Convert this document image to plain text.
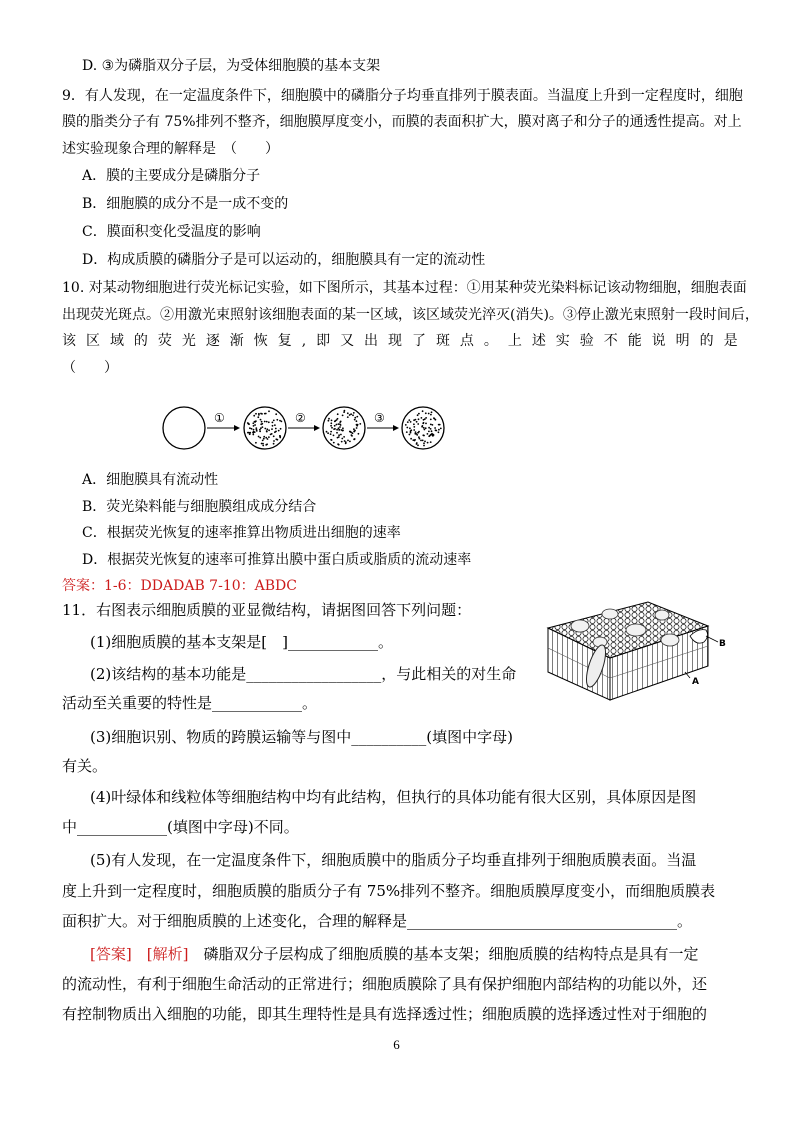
D. ③为磷脂双分子层，为受体细胞膜的基本支架
9．有人发现，在一定温度条件下，细胞膜中的磷脂分子均垂直排列于膜表面。当温度上升到一定程度时，细胞
膜的脂类分子有 75%排列不整齐，细胞膜厚度变小，而膜的表面积扩大，膜对离子和分子的通透性提高。对上
述实验现象合理的解释是　（　　）
A．膜的主要成分是磷脂分子
B．细胞膜的成分不是一成不变的
C．膜面积变化受温度的影响
D．构成质膜的磷脂分子是可以运动的，细胞膜具有一定的流动性
10. 对某动物细胞进行荧光标记实验，如下图所示，其基本过程：①用某种荧光染料标记该动物细胞，细胞表面
出现荧光斑点。②用激光束照射该细胞表面的某一区域，该区域荧光淬灭(消失)。③停止激光束照射一段时间后，
该 区 域 的 荧 光 逐 渐 恢 复 , 即 又 出 现 了 斑 点 。 上 述 实 验 不 能 说 明 的 是
（　　）
①	②	③
A．细胞膜具有流动性
B．荧光染料能与细胞膜组成成分结合
C．根据荧光恢复的速率推算出物质进出细胞的速率
D．根据荧光恢复的速率可推算出膜中蛋白质或脂质的流动速率
答案：1-6：DDADAB 7-10：ABDC
11．右图表示细胞质膜的亚显微结构，请据图回答下列问题：
(1)细胞质膜的基本支架是[　]____________。
(2)该结构的基本功能是__________________，与此相关的对生命
活动至关重要的特性是____________。
(3)细胞识别、物质的跨膜运输等与图中__________(填图中字母)
有关。
(4)叶绿体和线粒体等细胞结构中均有此结构，但执行的具体功能有很大区别，具体原因是图
中____________(填图中字母)不同。
(5)有人发现，在一定温度条件下，细胞质膜中的脂质分子均垂直排列于细胞质膜表面。当温
度上升到一定程度时，细胞质膜的脂质分子有 75%排列不整齐。细胞质膜厚度变小，而细胞质膜表
面积扩大。对于细胞质膜的上述变化，合理的解释是____________________________________。
[答案]　 [解析]　 磷脂双分子层构成了细胞质膜的基本支架；细胞质膜的结构特点是具有一定
的流动性，有利于细胞生命活动的正常进行；细胞质膜除了具有保护细胞内部结构的功能以外，还
有控制物质出入细胞的功能，即其生理特性是具有选择透过性；细胞质膜的选择透过性对于细胞的
B
A
6
